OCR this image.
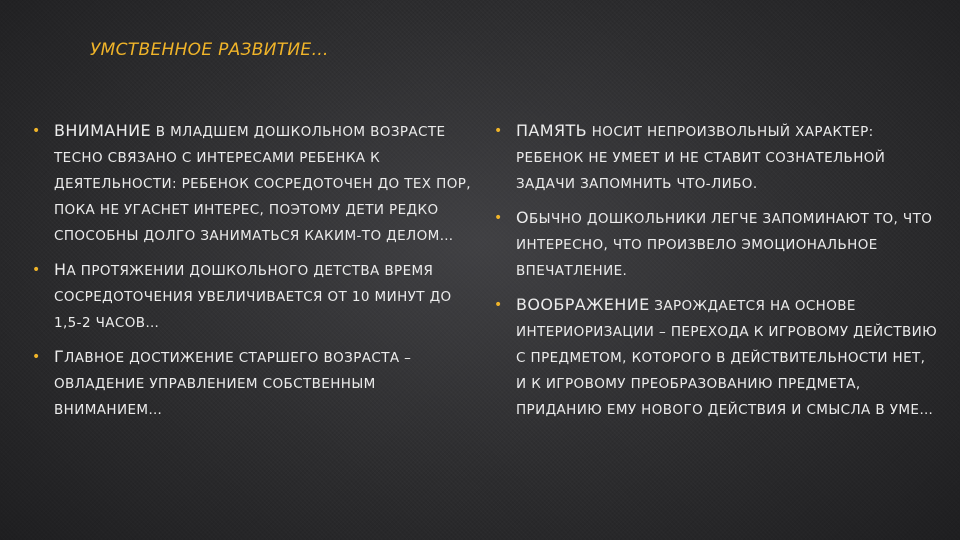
УМСТВЕННОЕ РАЗВИТИЕ…
• ВНИМАНИЕ В МЛАДШЕМ ДОШКОЛЬНОМ ВОЗРАСТЕ ТЕСНО СВЯЗАНО С ИНТЕРЕСАМИ РЕБЕНКА К ДЕЯТЕЛЬНОСТИ: РЕБЕНОК СОСРЕДОТОЧЕН ДО ТЕХ ПОР, ПОКА НЕ УГАСНЕТ ИНТЕРЕС, ПОЭТОМУ ДЕТИ РЕДКО СПОСОБНЫ ДОЛГО ЗАНИМАТЬСЯ КАКИМ-ТО ДЕЛОМ…
• НА ПРОТЯЖЕНИИ ДОШКОЛЬНОГО ДЕТСТВА ВРЕМЯ СОСРЕДОТОЧЕНИЯ УВЕЛИЧИВАЕТСЯ ОТ 10 МИНУТ ДО 1,5-2 ЧАСОВ…
• ГЛАВНОЕ ДОСТИЖЕНИЕ СТАРШЕГО ВОЗРАСТА – ОВЛАДЕНИЕ УПРАВЛЕНИЕМ СОБСТВЕННЫМ ВНИМАНИЕМ…
• ПАМЯТЬ НОСИТ НЕПРОИЗВОЛЬНЫЙ ХАРАКТЕР: РЕБЕНОК НЕ УМЕЕТ И НЕ СТАВИТ СОЗНАТЕЛЬНОЙ ЗАДАЧИ ЗАПОМНИТЬ ЧТО-ЛИБО.
• ОБЫЧНО ДОШКОЛЬНИКИ ЛЕГЧЕ ЗАПОМИНАЮТ ТО, ЧТО ИНТЕРЕСНО, ЧТО ПРОИЗВЕЛО ЭМОЦИОНАЛЬНОЕ ВПЕЧАТЛЕНИЕ.
• ВООБРАЖЕНИЕ ЗАРОЖДАЕТСЯ НА ОСНОВЕ ИНТЕРИОРИЗАЦИИ – ПЕРЕХОДА К ИГРОВОМУ ДЕЙСТВИЮ С ПРЕДМЕТОМ, КОТОРОГО В ДЕЙСТВИТЕЛЬНОСТИ НЕТ, И К ИГРОВОМУ ПРЕОБРАЗОВАНИЮ ПРЕДМЕТА, ПРИДАНИЮ ЕМУ НОВОГО ДЕЙСТВИЯ И СМЫСЛА В УМЕ…
